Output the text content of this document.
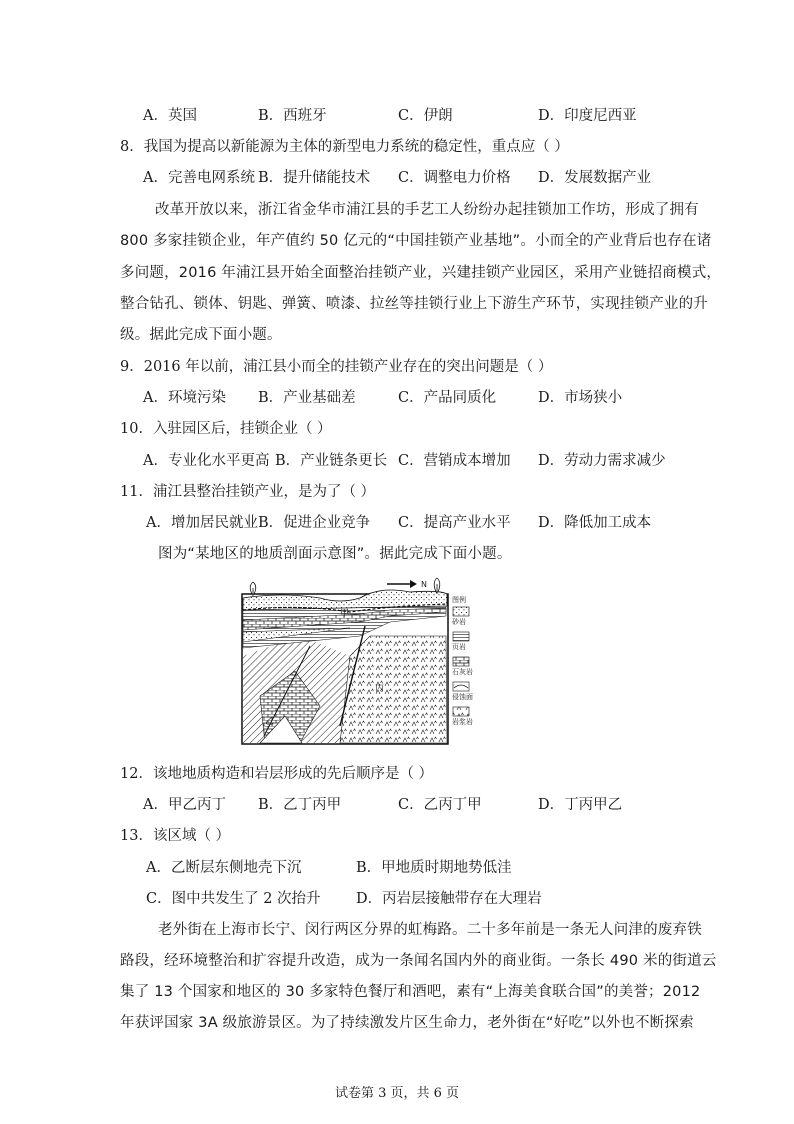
A．英国	B．西班牙	C．伊朗	D．印度尼西亚
8．我国为提高以新能源为主体的新型电力系统的稳定性，重点应（ ）
A．完善电网系统 B．提升储能技术 C．调整电力价格 D．发展数据产业
改革开放以来，浙江省金华市浦江县的手艺工人纷纷办起挂锁加工作坊，形成了拥有
800 多家挂锁企业，年产值约 50 亿元的“中国挂锁产业基地”。小而全的产业背后也存在诸
多问题，2016 年浦江县开始全面整治挂锁产业，兴建挂锁产业园区，采用产业链招商模式，
整合钻孔、锁体、钥匙、弹簧、喷漆、拉丝等挂锁行业上下游生产环节，实现挂锁产业的升
级。据此完成下面小题。
9．2016 年以前，浦江县小而全的挂锁产业存在的突出问题是（ ）
A．环境污染 B．产业基础差	C．产品同质化	D．市场狭小
10．入驻园区后，挂锁企业（ ）
A．专业化水平更高 B．产业链条更长 C．营销成本增加 D．劳动力需求减少
11．浦江县整治挂锁产业，是为了（ ）
A．增加居民就业 B．促进企业竞争 C．提高产业水平 D．降低加工成本
图为“某地区的地质剖面示意图”。据此完成下面小题。
N
甲
乙
丙
图例
砂岩
页岩
石灰岩
侵蚀面
岩浆岩
12．该地地质构造和岩层形成的先后顺序是（ ）
A．甲乙丙丁 B．乙丁丙甲	C．乙丙丁甲	D．丁丙甲乙
13．该区域（ ）
A．乙断层东侧地壳下沉	B．甲地质时期地势低洼
C．图中共发生了 2 次抬升 D．丙岩层接触带存在大理岩
老外街在上海市长宁、闵行两区分界的虹梅路。二十多年前是一条无人问津的废弃铁
路段，经环境整治和扩容提升改造，成为一条闻名国内外的商业街。一条长 490 米的街道云
集了 13 个国家和地区的 30 多家特色餐厅和酒吧，素有“上海美食联合国”的美誉；2012
年获评国家 3A 级旅游景区。为了持续激发片区生命力，老外街在“好吃”以外也不断探索
试卷第 3 页，共 6 页
